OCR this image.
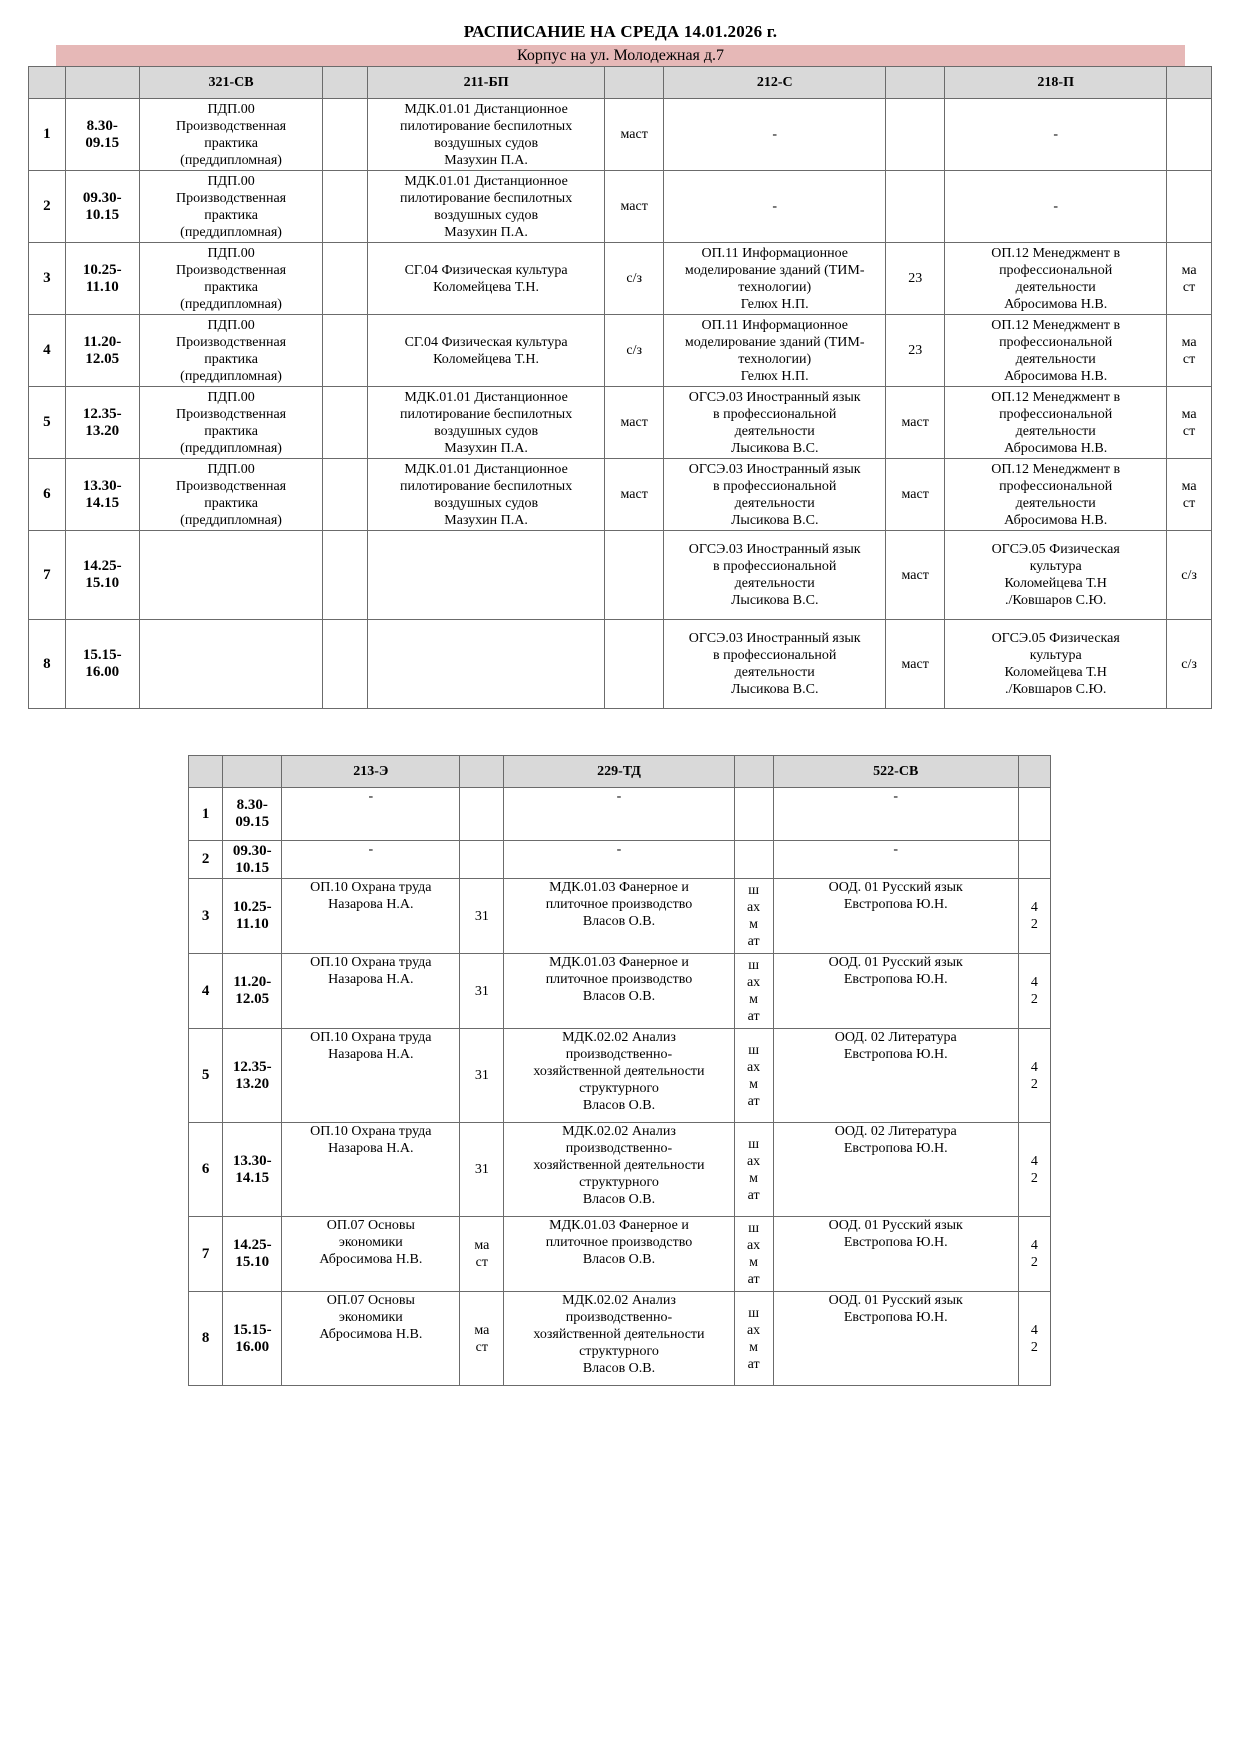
РАСПИСАНИЕ НА СРЕДА 14.01.2026 г.
Корпус на ул. Молодежная д.7
		321-СВ		211-БП		212-С		218-П	
1	8.30-
09.15	ПДП.00
Производственная
практика
(преддипломная)		МДК.01.01 Дистанционное
пилотирование беспилотных
воздушных судов
Мазухин П.А.	маст	-		-	
2	09.30-
10.15	ПДП.00
Производственная
практика
(преддипломная)		МДК.01.01 Дистанционное
пилотирование беспилотных
воздушных судов
Мазухин П.А.	маст	-		-	
3	10.25-
11.10	ПДП.00
Производственная
практика
(преддипломная)		СГ.04 Физическая культура
Коломейцева Т.Н.	с/з	ОП.11 Информационное
моделирование зданий (ТИМ-
технологии)
Гелюх Н.П.	23	ОП.12 Менеджмент в
профессиональной
деятельности
Абросимова Н.В.	ма
ст
4	11.20-
12.05	ПДП.00
Производственная
практика
(преддипломная)		СГ.04 Физическая культура
Коломейцева Т.Н.	с/з	ОП.11 Информационное
моделирование зданий (ТИМ-
технологии)
Гелюх Н.П.	23	ОП.12 Менеджмент в
профессиональной
деятельности
Абросимова Н.В.	ма
ст
5	12.35-
13.20	ПДП.00
Производственная
практика
(преддипломная)		МДК.01.01 Дистанционное
пилотирование беспилотных
воздушных судов
Мазухин П.А.	маст	ОГСЭ.03 Иностранный язык
в профессиональной
деятельности
Лысикова В.С.	маст	ОП.12 Менеджмент в
профессиональной
деятельности
Абросимова Н.В.	ма
ст
6	13.30-
14.15	ПДП.00
Производственная
практика
(преддипломная)		МДК.01.01 Дистанционное
пилотирование беспилотных
воздушных судов
Мазухин П.А.	маст	ОГСЭ.03 Иностранный язык
в профессиональной
деятельности
Лысикова В.С.	маст	ОП.12 Менеджмент в
профессиональной
деятельности
Абросимова Н.В.	ма
ст
7	14.25-
15.10					ОГСЭ.03 Иностранный язык
в профессиональной
деятельности
Лысикова В.С.	маст	ОГСЭ.05 Физическая
культура
Коломейцева Т.Н
./Ковшаров С.Ю.	с/з
8	15.15-
16.00					ОГСЭ.03 Иностранный язык
в профессиональной
деятельности
Лысикова В.С.	маст	ОГСЭ.05 Физическая
культура
Коломейцева Т.Н
./Ковшаров С.Ю.	с/з
		213-Э		229-ТД		522-СВ	
1	8.30-
09.15	-		-		-	
2	09.30-
10.15	-		-		-	
3	10.25-
11.10	ОП.10 Охрана труда
Назарова Н.А.	31	МДК.01.03 Фанерное и
плиточное производство
Власов О.В.	ш
ах
м
ат	ООД. 01 Русский язык
Евстропова Ю.Н.	4
2
4	11.20-
12.05	ОП.10 Охрана труда
Назарова Н.А.	31	МДК.01.03 Фанерное и
плиточное производство
Власов О.В.	ш
ах
м
ат	ООД. 01 Русский язык
Евстропова Ю.Н.	4
2
5	12.35-
13.20	ОП.10 Охрана труда
Назарова Н.А.	31	МДК.02.02 Анализ
производственно-
хозяйственной деятельности
структурного
Власов О.В.	ш
ах
м
ат	ООД. 02 Литература
Евстропова Ю.Н.	4
2
6	13.30-
14.15	ОП.10 Охрана труда
Назарова Н.А.	31	МДК.02.02 Анализ
производственно-
хозяйственной деятельности
структурного
Власов О.В.	ш
ах
м
ат	ООД. 02 Литература
Евстропова Ю.Н.	4
2
7	14.25-
15.10	ОП.07 Основы
экономики
Абросимова Н.В.	ма
ст	МДК.01.03 Фанерное и
плиточное производство
Власов О.В.	ш
ах
м
ат	ООД. 01 Русский язык
Евстропова Ю.Н.	4
2
8	15.15-
16.00	ОП.07 Основы
экономики
Абросимова Н.В.	ма
ст	МДК.02.02 Анализ
производственно-
хозяйственной деятельности
структурного
Власов О.В.	ш
ах
м
ат	ООД. 01 Русский язык
Евстропова Ю.Н.	4
2
